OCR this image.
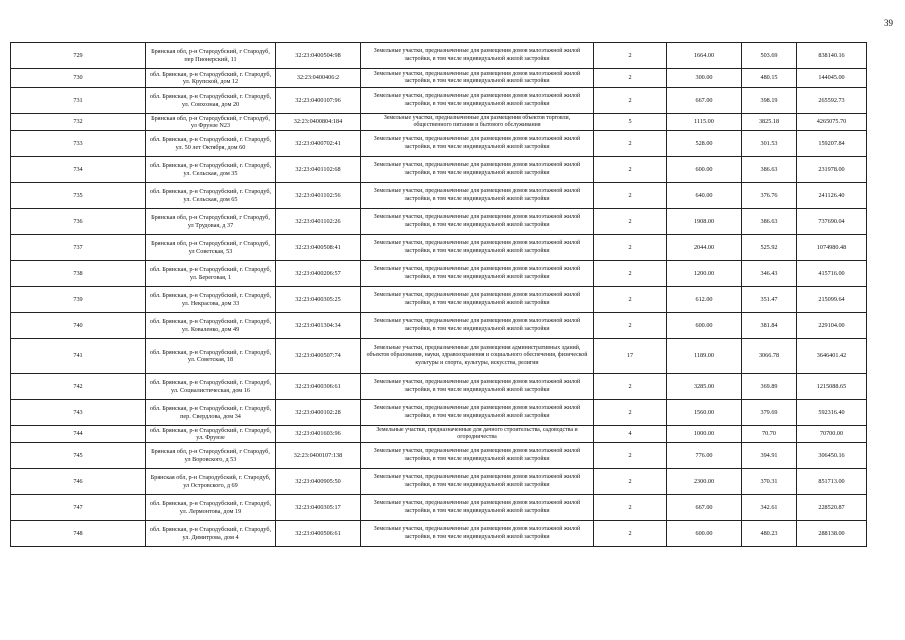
39
729	Брянская обл, р-н Стародубский, г Стародуб, пер Пионерский, 11	32:23:0400504:98	Земельные участки, предназначенные для размещения домов малоэтажной жилой застройки, в том числе индивидуальной жилой застройки	2	1664.00	503.69	838140.16
730	обл. Брянская, р-н Стародубский, г. Стародуб, ул. Крупской, дом 12	32:23:0400406:2	Земельные участки, предназначенные для размещения домов малоэтажной жилой застройки, в том числе индивидуальной жилой застройки	2	300.00	480.15	144045.00
731	обл. Брянская, р-н Стародубский, г. Стародуб, ул. Совхозная, дом 20	32:23:0400107:96	Земельные участки, предназначенные для размещения домов малоэтажной жилой застройки, в том числе индивидуальной жилой застройки	2	667.00	398.19	265592.73
732	Брянская обл, р-н Стародубский, г Стародуб, ул Фрунзе N23	32:23:0400804:184	Земельные участки, предназначенные для размещения объектов торговли, общественного питания и бытового обслуживания	5	1115.00	3825.18	4265075.70
733	обл. Брянская, р-н Стародубский, г. Стародуб, ул. 50 лет Октября, дом 60	32:23:0400702:41	Земельные участки, предназначенные для размещения домов малоэтажной жилой застройки, в том числе индивидуальной жилой застройки	2	528.00	301.53	159207.84
734	обл. Брянская, р-н Стародубский, г. Стародуб, ул. Сельская, дом 35	32:23:0401102:68	Земельные участки, предназначенные для размещения домов малоэтажной жилой застройки, в том числе индивидуальной жилой застройки	2	600.00	386.63	231978.00
735	обл. Брянская, р-н Стародубский, г. Стародуб, ул. Сельская, дом 65	32:23:0401102:56	Земельные участки, предназначенные для размещения домов малоэтажной жилой застройки, в том числе индивидуальной жилой застройки	2	640.00	376.76	241126.40
736	Брянская обл, р-н Стародубский, г Стародуб, ул Трудовая, д 37	32:23:0401102:26	Земельные участки, предназначенные для размещения домов малоэтажной жилой застройки, в том числе индивидуальной жилой застройки	2	1908.00	386.63	737690.04
737	Брянская обл, р-н Стародубский, г Стародуб, ул Советская, 53	32:23:0400508:41	Земельные участки, предназначенные для размещения домов малоэтажной жилой застройки, в том числе индивидуальной жилой застройки	2	2044.00	525.92	1074980.48
738	обл. Брянская, р-н Стародубский, г. Стародуб, ул. Береговая, 1	32:23:0400206:57	Земельные участки, предназначенные для размещения домов малоэтажной жилой застройки, в том числе индивидуальной жилой застройки	2	1200.00	346.43	415716.00
739	обл. Брянская, р-н Стародубский, г. Стародуб, ул. Некрасова, дом 33	32:23:0400305:25	Земельные участки, предназначенные для размещения домов малоэтажной жилой застройки, в том числе индивидуальной жилой застройки	2	612.00	351.47	215099.64
740	обл. Брянская, р-н Стародубский, г. Стародуб, ул. Коваленко, дом 49	32:23:0401304:34	Земельные участки, предназначенные для размещения домов малоэтажной жилой застройки, в том числе индивидуальной жилой застройки	2	600.00	381.84	229104.00
741	обл. Брянская, р-н Стародубский, г. Стародуб, ул. Советская, 18	32:23:0400507:74	Земельные участки, предназначенные для размещения административных зданий, объектов образования, науки, здравоохранения и социального обеспечения, физической культуры и спорта, культуры, искусства, религии	17	1189.00	3066.78	3646401.42
742	обл. Брянская, р-н Стародубский, г. Стародуб, ул. Социалистическая, дом 16	32:23:0400306:61	Земельные участки, предназначенные для размещения домов малоэтажной жилой застройки, в том числе индивидуальной жилой застройки	2	3285.00	369.89	1215088.65
743	обл. Брянская, р-н Стародубский, г. Стародуб, пер. Свердлова, дом 34	32:23:0400102:28	Земельные участки, предназначенные для размещения домов малоэтажной жилой застройки, в том числе индивидуальной жилой застройки	2	1560.00	379.69	592316.40
744	обл. Брянская, р-н Стародубский, г. Стародуб, ул. Фрунзе	32:23:0401603:96	Земельные участки, предназначенные для дачного строительства, садоводства и огородничества	4	1000.00	70.70	70700.00
745	Брянская обл, р-н Стародубский, г Стародуб, ул Воровского, д 53	32:23:0400107:138	Земельные участки, предназначенные для размещения домов малоэтажной жилой застройки, в том числе индивидуальной жилой застройки	2	776.00	394.91	306450.16
746	Брянская обл, р-н Стародубский, г. Стародуб, ул Островского, д 69	32:23:0400905:50	Земельные участки, предназначенные для размещения домов малоэтажной жилой застройки, в том числе индивидуальной жилой застройки	2	2300.00	370.31	851713.00
747	обл. Брянская, р-н Стародубский, г. Стародуб, ул. Лермонтова, дом 19	32:23:0400305:17	Земельные участки, предназначенные для размещения домов малоэтажной жилой застройки, в том числе индивидуальной жилой застройки	2	667.00	342.61	228520.87
748	обл. Брянская, р-н Стародубский, г. Стародуб, ул. Димитрова, дом 4	32:23:0400506:61	Земельные участки, предназначенные для размещения домов малоэтажной жилой застройки, в том числе индивидуальной жилой застройки	2	600.00	480.23	288138.00
